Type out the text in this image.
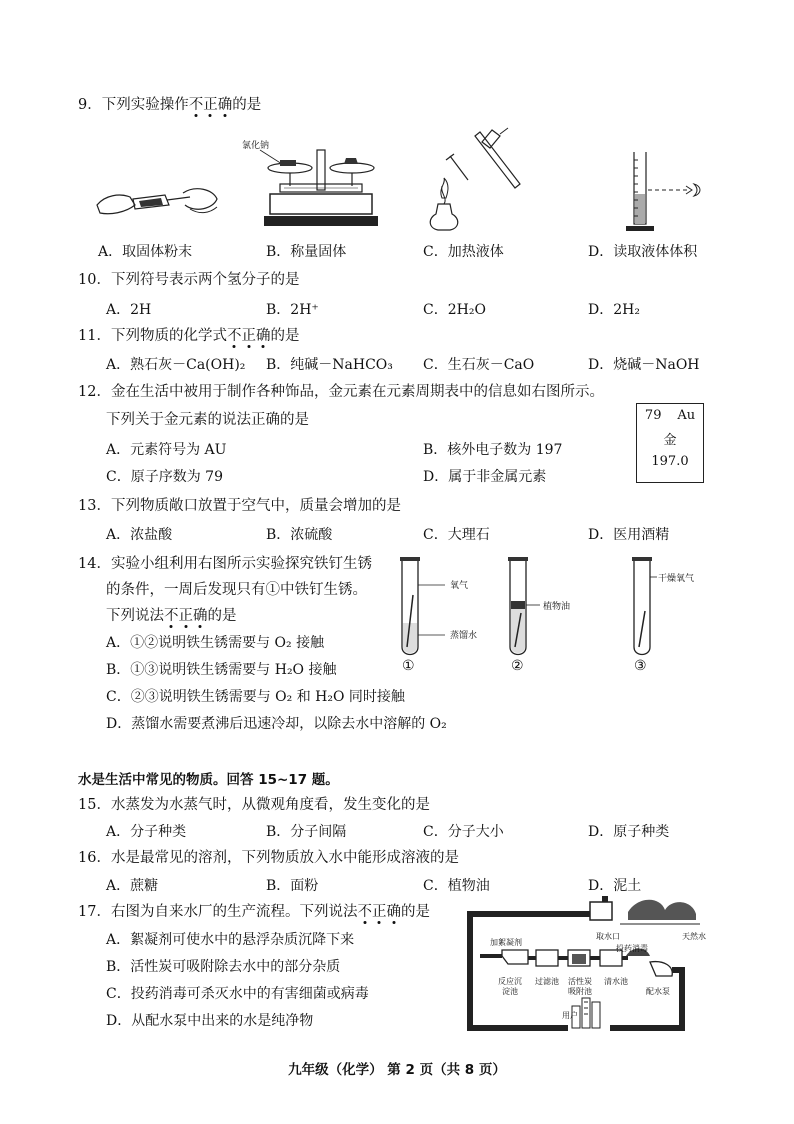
9．下列实验操作不正确的是
氯化钠
A．取固体粉末	B．称量固体	C．加热液体	D．读取液体体积
10．下列符号表示两个氢分子的是
A．2H	B．2H⁺	C．2H₂O	D．2H₂
11．下列物质的化学式不正确的是
A．熟石灰－Ca(OH)₂ B．纯碱－NaHCO₃ C．生石灰－CaO	D．烧碱－NaOH
12．金在生活中被用于制作各种饰品，金元素在元素周期表中的信息如右图所示。
下列关于金元素的说法正确的是
A．元素符号为 AU	B．核外电子数为 197
C．原子序数为 79	D．属于非金属元素
79 Au
金
197.0
13．下列物质敞口放置于空气中，质量会增加的是
A．浓盐酸	B．浓硫酸	C．大理石	D．医用酒精
14．实验小组利用右图所示实验探究铁钉生锈
的条件，一周后发现只有①中铁钉生锈。
下列说法不正确的是
A．①②说明铁生锈需要与 O₂ 接触
B．①③说明铁生锈需要与 H₂O 接触
C．②③说明铁生锈需要与 O₂ 和 H₂O 同时接触
D．蒸馏水需要煮沸后迅速冷却，以除去水中溶解的 O₂
氧气
蒸馏水
植物油
干燥氧气
①	②	③
水是生活中常见的物质。回答 15~17 题。
15．水蒸发为水蒸气时，从微观角度看，发生变化的是
A．分子种类	B．分子间隔	C．分子大小	D．原子种类
16．水是最常见的溶剂，下列物质放入水中能形成溶液的是
A．蔗糖	B．面粉	C．植物油	D．泥土
17．右图为自来水厂的生产流程。下列说法不正确的是
A．絮凝剂可使水中的悬浮杂质沉降下来
B．活性炭可吸附除去水中的部分杂质
C．投药消毒可杀灭水中的有害细菌或病毒
D．从配水泵中出来的水是纯净物
取水口	天然水
加絮凝剂
投药消毒
反应沉
淀池
过滤池 活性炭
吸附池
清水池
配水泵
用户
九年级（化学） 第 2 页（共 8 页）
